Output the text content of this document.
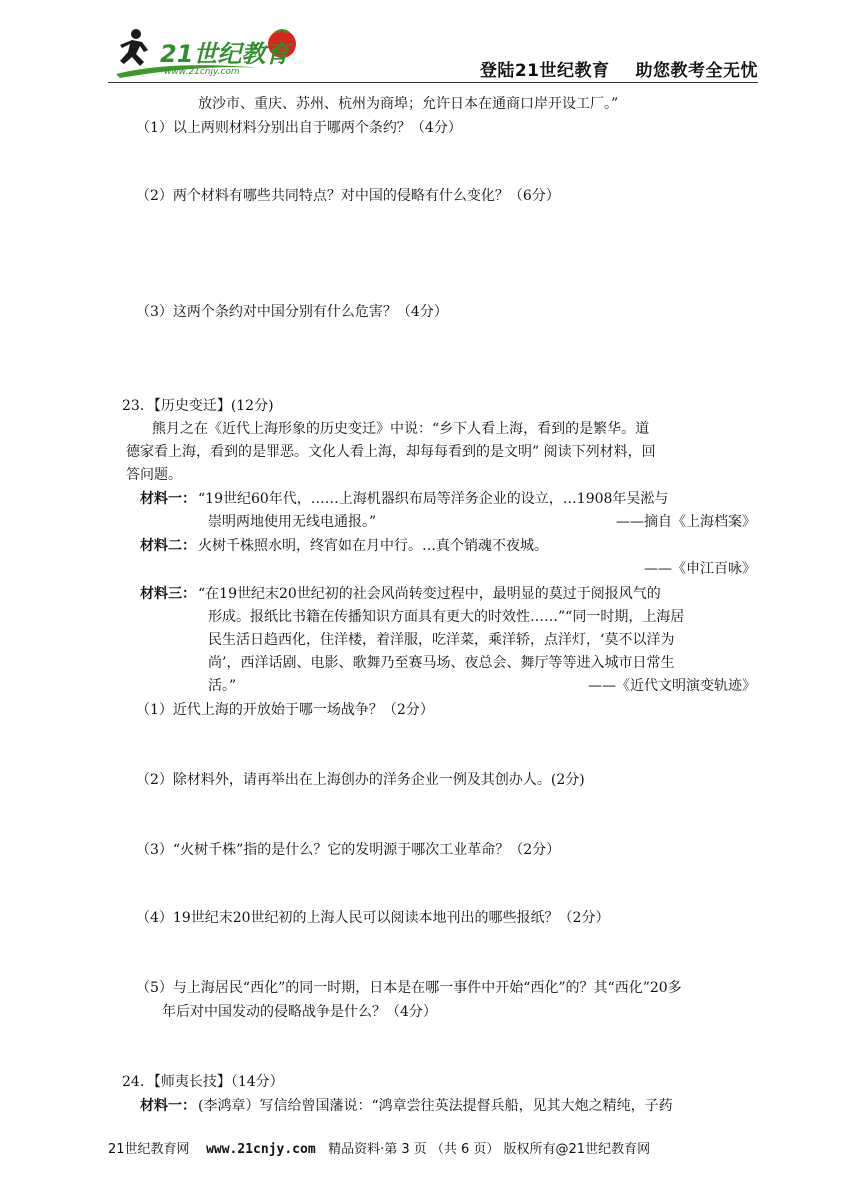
21世纪教育
www.21cnjy.com	登陆21世纪教育 助您教考全无忧
放沙市、重庆、苏州、杭州为商埠；允许日本在通商口岸开设工厂。”
（1）以上两则材料分别出自于哪两个条约？（4分）
（2）两个材料有哪些共同特点？对中国的侵略有什么变化？（6分）
（3）这两个条约对中国分别有什么危害？（4分）
23．【历史变迁】(12分)
熊月之在《近代上海形象的历史变迁》中说：“乡下人看上海，看到的是繁华。道
德家看上海，看到的是罪恶。文化人看上海，却每每看到的是文明” 阅读下列材料，回
答问题。
材料一： “19世纪60年代，……上海机器织布局等洋务企业的设立，…1908年吴淞与
崇明两地使用无线电通报。”	——摘自《上海档案》
材料二： 火树千株照水明，终宵如在月中行。…真个销魂不夜城。
——《申江百咏》
材料三： “在19世纪末20世纪初的社会风尚转变过程中，最明显的莫过于阅报风气的
形成。报纸比书籍在传播知识方面具有更大的时效性……”“同一时期，上海居
民生活日趋西化，住洋楼，着洋服，吃洋菜，乘洋轿，点洋灯，‘莫不以洋为
尚’，西洋话剧、电影、歌舞乃至赛马场、夜总会、舞厅等等进入城市日常生
活。”	——《近代文明演变轨迹》
（1）近代上海的开放始于哪一场战争？（2分）
（2）除材料外，请再举出在上海创办的洋务企业一例及其创办人。(2分)
（3）“火树千株”指的是什么？它的发明源于哪次工业革命？（2分）
（4）19世纪末20世纪初的上海人民可以阅读本地刊出的哪些报纸？（2分）
（5）与上海居民“西化”的同一时期，日本是在哪一事件中开始“西化”的？其“西化”20多
年后对中国发动的侵略战争是什么？（4分）
24．【师夷长技】（14分）
材料一： (李鸿章）写信给曾国藩说：“鸿章尝往英法提督兵船，见其大炮之精纯，子药
21世纪教育网 www.21cnjy.com 精品资料·第 3 页 （共 6 页） 版权所有@21世纪教育网
